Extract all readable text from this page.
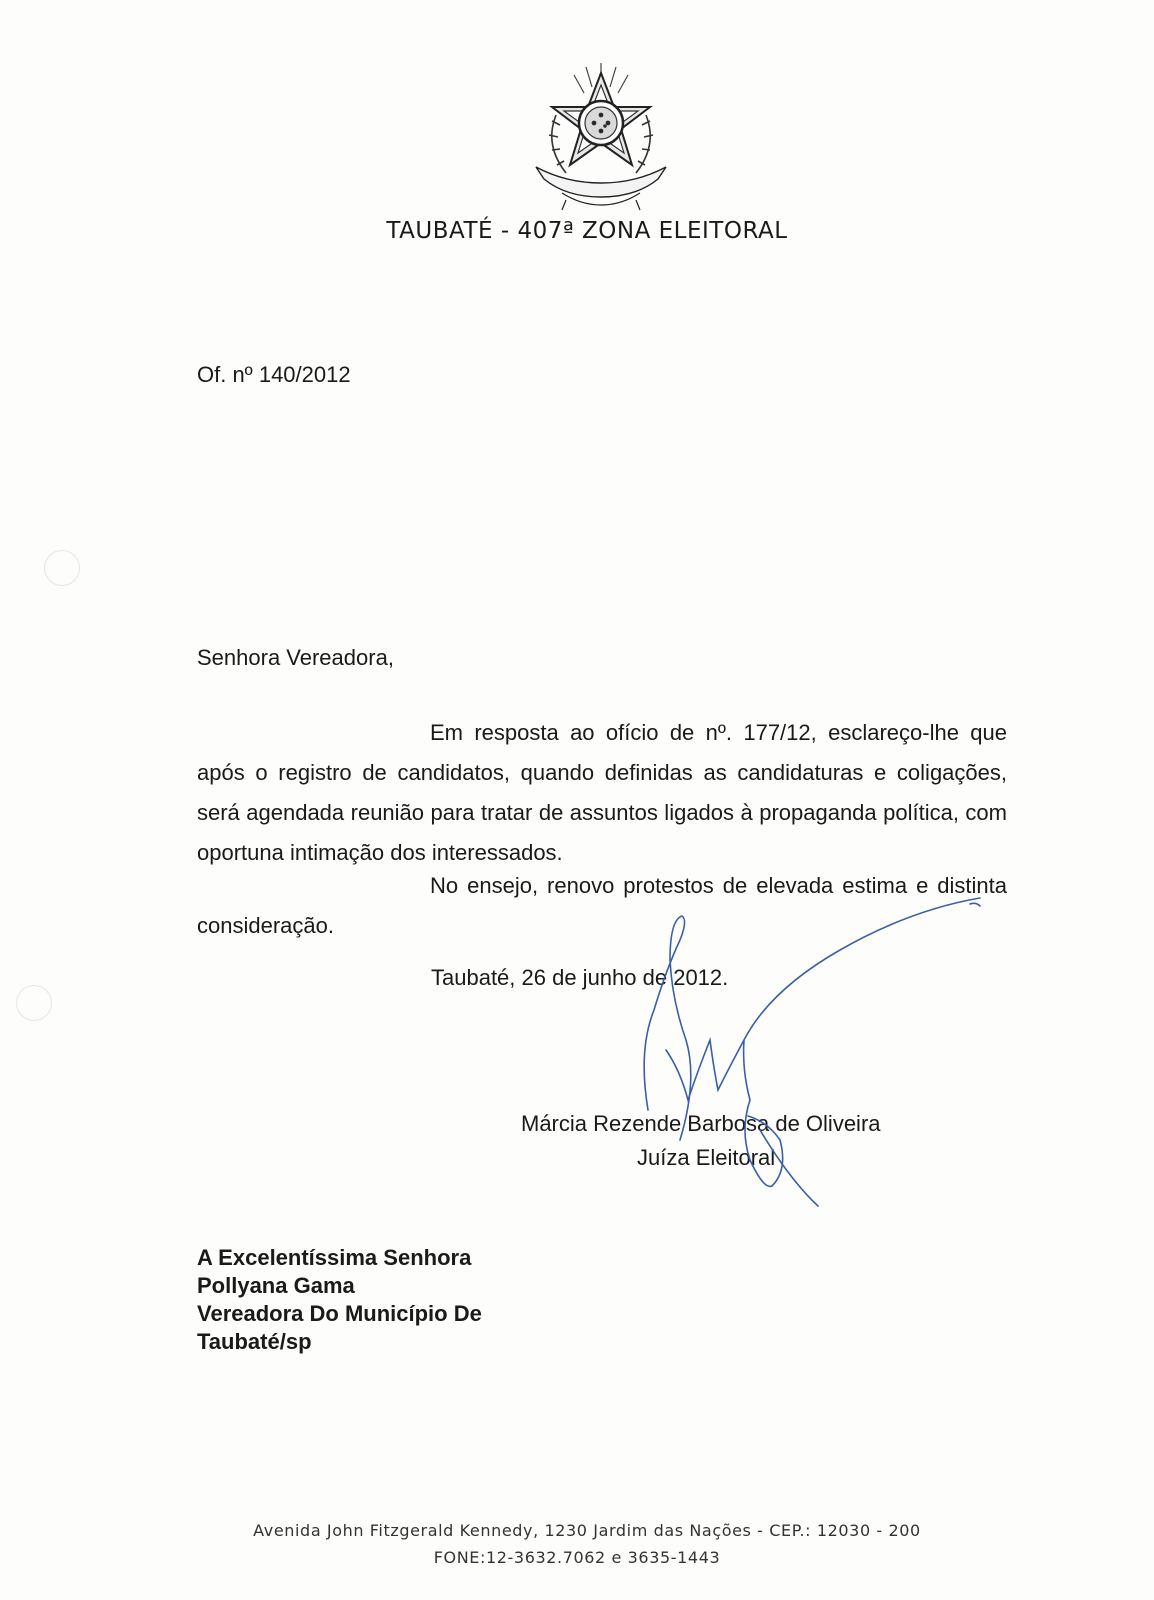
TAUBATÉ - 407ª ZONA ELEITORAL
Of. nº 140/2012
Senhora Vereadora,
Em resposta ao ofício de nº. 177/12, esclareço-lhe que após o registro de candidatos, quando definidas as candidaturas e coligações, será agendada reunião para tratar de assuntos ligados à propaganda política, com oportuna intimação dos interessados.
No ensejo, renovo protestos de elevada estima e distinta consideração.
Taubaté, 26 de junho de 2012.
Márcia Rezende Barbosa de Oliveira
Juíza Eleitoral
A Excelentíssima Senhora
Pollyana Gama
Vereadora Do Município De
Taubaté/sp
Avenida John Fitzgerald Kennedy, 1230 Jardim das Nações - CEP.: 12030 - 200
FONE:12-3632.7062 e 3635-1443
